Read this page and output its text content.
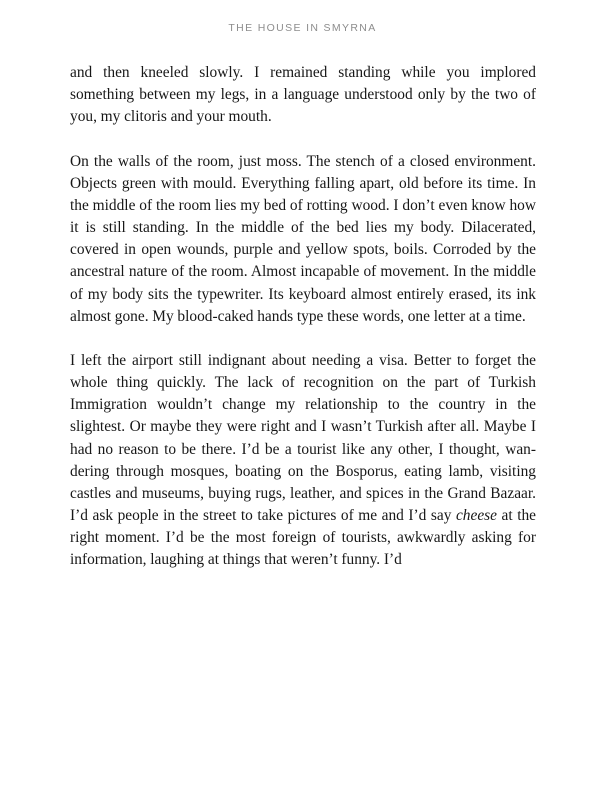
THE HOUSE IN SMYRNA

and then kneeled slowly. I remained standing while you implored something between my legs, in a language understood only by the two of you, my clitoris and your mouth.

On the walls of the room, just moss. The stench of a closed environment. Objects green with mould. Everything falling apart, old before its time. In the middle of the room lies my bed of rotting wood. I don’t even know how it is still standing. In the middle of the bed lies my body. Dilacerated, covered in open wounds, purple and yellow spots, boils. Corroded by the ancestral nature of the room. Almost incapable of movement. In the middle of my body sits the typewriter. Its keyboard almost entirely erased, its ink almost gone. My blood-caked hands type these words, one letter at a time.

I left the airport still indignant about needing a visa. Better to forget the whole thing quickly. The lack of recognition on the part of Turkish Immigration wouldn’t change my relationship to the country in the slightest. Or maybe they were right and I wasn’t Turkish after all. Maybe I had no reason to be there. I’d be a tourist like any other, I thought, wandering through mosques, boating on the Bosporus, eating lamb, visiting castles and museums, buying rugs, leather, and spices in the Grand Bazaar. I’d ask people in the street to take pictures of me and I’d say cheese at the right moment. I’d be the most foreign of tourists, awkwardly asking for information, laughing at things that weren’t funny. I’d
